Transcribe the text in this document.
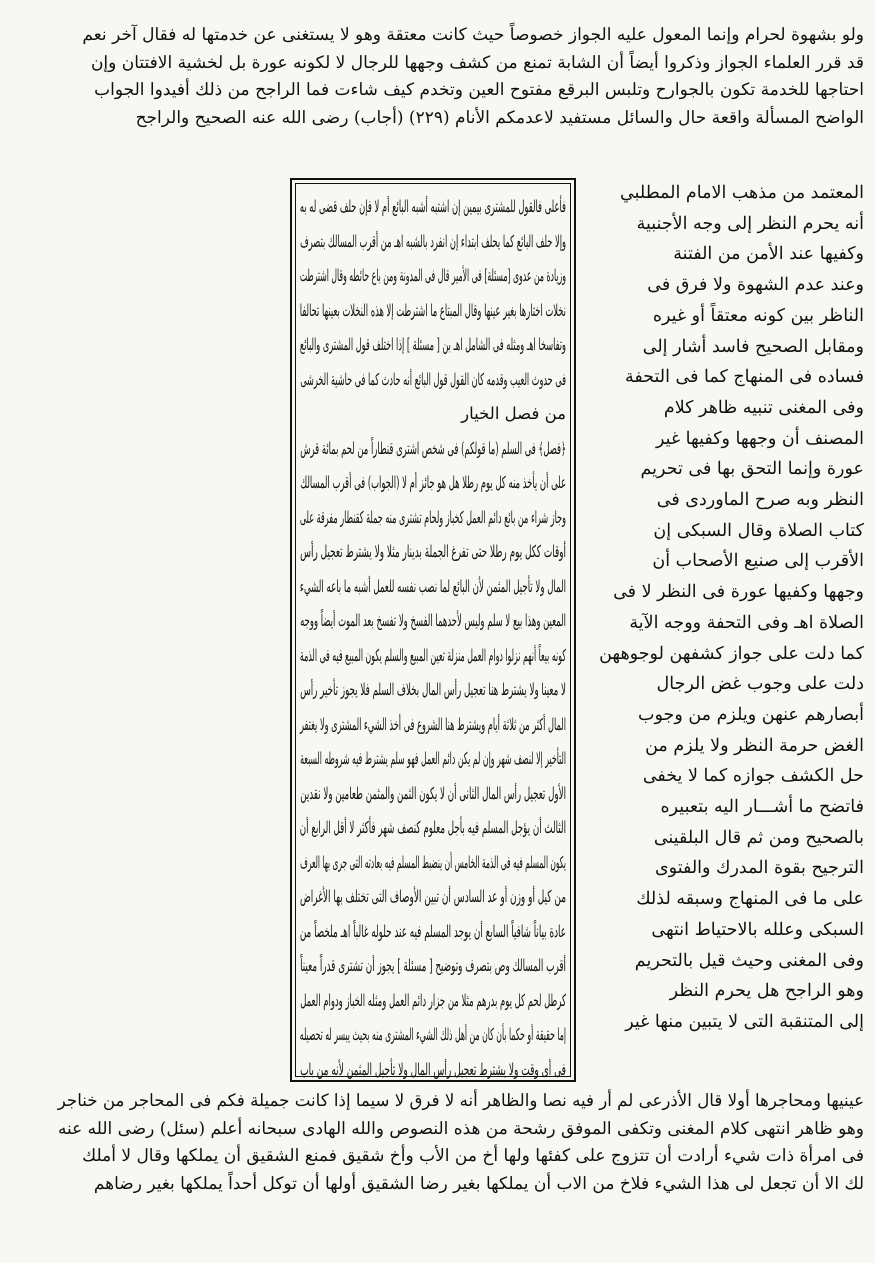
ولو بشهوة لحرام وإنما المعول عليه الجواز خصوصاً حيث كانت معتقة وهو لا يستغنى عن خدمتها له فقال آخر نعم
قد قرر العلماء الجواز وذكروا أيضاً أن الشابة تمنع من كشف وجهها للرجال لا لكونه عورة بل لخشية الافتتان وإن
احتاجها للخدمة تكون بالجوارح وتلبس البرقع مفتوح العين وتخدم كيف شاءت فما الراجح من ذلك أفيدوا الجواب
الواضح المسألة واقعة حال والسائل مستفيد لاعدمكم الأنام (٢٢٩) (أجاب) رضى الله عنه الصحيح والراجح
المعتمد من مذهب الامام المطلبي
أنه يحرم النظر إلى وجه الأجنبية
وكفيها عند الأمن من الفتنة
وعند عدم الشهوة ولا فرق فى
الناظر بين كونه معتقاً أو غيره
ومقابل الصحيح فاسد أشار إلى
فساده فى المنهاج كما فى التحفة
وفى المغنى تنبيه ظاهر كلام
المصنف أن وجهها وكفيها غير
عورة وإنما التحق بها فى تحريم
النظر وبه صرح الماوردى فى
كتاب الصلاة وقال السبكى إن
الأقرب إلى صنيع الأصحاب أن
وجهها وكفيها عورة فى النظر لا فى
الصلاة اهـ وفى التحفة ووجه الآية
كما دلت على جواز كشفهن لوجوههن
دلت على وجوب غض الرجال
أبصارهم عنهن ويلزم من وجوب
الغض حرمة النظر ولا يلزم من
حل الكشف جوازه كما لا يخفى
فاتضح ما أشـــار اليه بتعبيره
بالصحيح ومن ثم قال البلقينى
الترجيح بقوة المدرك والفتوى
على ما فى المنهاج وسبقه لذلك
السبكى وعلله بالاحتياط انتهى
وفى المغنى وحيث قيل بالتحريم
وهو الراجح هل يحرم النظر
إلى المتنقبة التى لا يتبين منها غير
عينيها ومحاجرها أولا قال الأذرعى لم أر فيه نصا والظاهر أنه لا فرق لا سيما إذا كانت جميلة فكم فى المحاجر من خناجر
وهو ظاهر انتهى كلام المغنى وتكفى الموفق رشحة من هذه النصوص والله الهادى سبحانه أعلم (سئل) رضى الله عنه
فى امرأة ذات شيء أرادت أن تتزوج على كفئها ولها أخ من الأب وأخ شقيق فمنع الشقيق أن يملكها وقال لا أملك
لك الا أن تجعل لى هذا الشيء فلاخ من الاب أن يملكها بغير رضا الشقيق أولها أن توكل أحداً يملكها بغير رضاهم
فأعلى فالقول للمشترى بيمين إن اشتبه أشبه البائع أم لا فإن حلف قضى له به
وإلا حلف البائع كما يحلف ابتداء إن انفرد بالشبه اهـ من أقرب المسالك بتصرف
وزيادة من عدوى [مسئلة] فى الأمير قال فى المدونة ومن باع حائطه وقال اشترطت
نخلات اختارها بغير عينها وقال المبتاع ما اشترطت إلا هذه النخلات بعينها تحالفا
وتفاسخا اهـ ومثله فى الشامل اهـ بن [ مسئلة ] إذا اختلف قول المشترى والبائع
فى حدوث العيب وقدمه كان القول قول البائع أنه حادث كما فى حاشية الخرشى
من فصل الخيار
﴿فصل﴾ فى السلم (ما قولكم) فى شخص اشترى قنطاراً من لحم بمائة قرش
على أن يأخذ منه كل يوم رطلا هل هو جائز أم لا (الجواب) فى أقرب المسالك
وجاز شراء من بائع دائم العمل كخباز ولحام تشترى منه جملة كقنطار مفرقة على
أوقات ككل يوم رطلا حتى تفرغ الجملة بدينار مثلا ولا يشترط تعجيل رأس
المال ولا تأجيل المثمن لأن البائع لما نصب نفسه للعمل أشبه ما باعه الشيء
المعين وهذا بيع لا سلم وليس لأحدهما الفسخ ولا تفسخ بعد الموت أيضاً ووجه
كونه بيعاً أنهم نزلوا دوام العمل منزلة تعين المبيع والسلم يكون المبيع فيه فى الذمة
لا معينا ولا يشترط هنا تعجيل رأس المال بخلاف السلم فلا يجوز تأخير رأس
المال أكثر من ثلاثة أيام ويشترط هنا الشروع فى أخذ الشيء المشترى ولا يغتفر
التأخير إلا لنصف شهر وإن لم يكن دائم العمل فهو سلم يشترط فيه شروطه السبعة
الأول تعجيل رأس المال الثانى أن لا يكون الثمن والمثمن طعامين ولا نقدين
الثالث أن يؤجل المسلم فيه بأجل معلوم كنصف شهر فأكثر لا أقل الرابع أن
يكون المسلم فيه فى الذمة الخامس أن ينضبط المسلم فيه بعادته التى جرى بها العرف
من كيل أو وزن أو عد السادس أن تبين الأوصاف التى تختلف بها الأغراض
عادة بياناً شافياً السابع أن يوجد المسلم فيه عند حلوله غالباً اهـ ملخصاً من
أقرب المسالك وص بتصرف وتوضيح [ مسئلة ] يجوز أن تشترى قدراً معيناً
كرطل لحم كل يوم بدرهم مثلا من جزار دائم العمل ومثله الخباز ودوام العمل
إما حقيقة أو حكما بأن كان من أهل ذلك الشيء المشترى منه بحيث يبسر له تحصيله
فى أى وقت ولا يشترط تعجيل رأس المال ولا تأجيل المثمن لأنه من باب
